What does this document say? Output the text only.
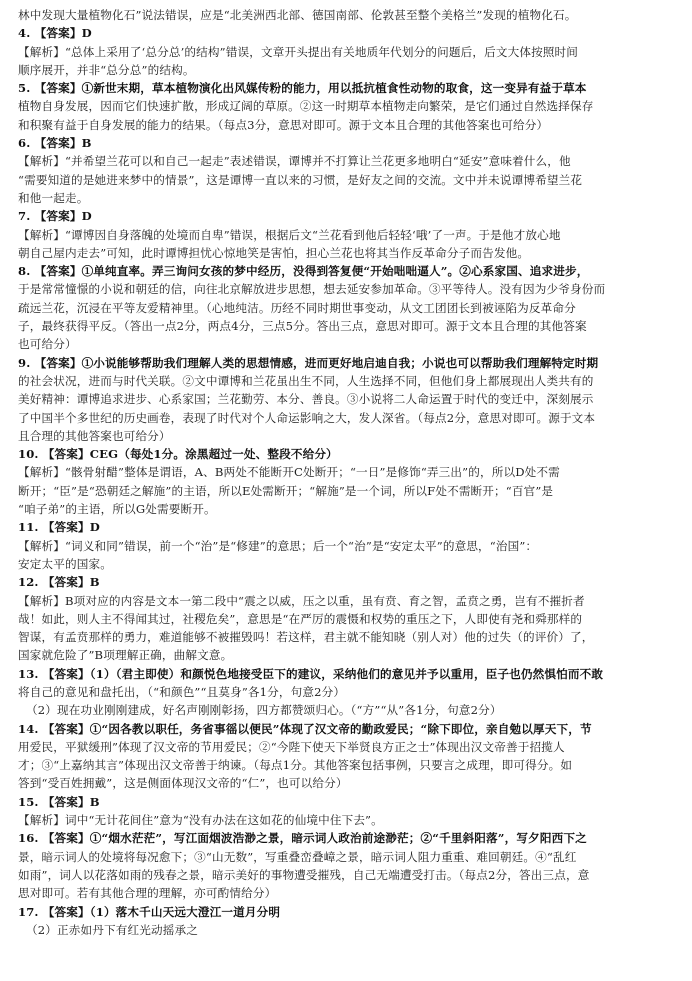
林中发现大量植物化石”说法错误，应是“北美洲西北部、德国南部、伦敦甚至整个美格兰”发现的植物化石。
4. 【答案】D
【解析】“总体上采用了‘总分总’的结构”错误，文章开头提出有关地质年代划分的问题后，后文大体按照时间
顺序展开，并非“总分总”的结构。
5. 【答案】①新世末期，草本植物演化出风媒传粉的能力，用以抵抗植食性动物的取食，这一变异有益于草本
植物自身发展，因而它们快速扩散，形成辽阔的草原。②这一时期草本植物走向繁荣，是它们通过自然选择保存
和积聚有益于自身发展的能力的结果。（每点3分，意思对即可。源于文本且合理的其他答案也可给分）
6. 【答案】B
【解析】“并希望兰花可以和自己一起走”表述错误，谭博并不打算让兰花更多地明白“延安”意味着什么，他
“需要知道的是她进来梦中的情景”，这是谭博一直以来的习惯，是好友之间的交流。文中并未说谭博希望兰花
和他一起走。
7. 【答案】D
【解析】“谭博因自身落魄的处境而自卑”错误，根据后文“兰花看到他后轻轻‘哦’了一声。于是他才放心地
朝自己屋内走去”可知，此时谭博担忧心惊地笑是害怕，担心兰花也将其当作反革命分子而告发他。
8. 【答案】①单纯直率。弄三询问女孩的梦中经历，没得到答复便“开始咄咄逼人”。②心系家国、追求进步，
于是常常憧憬的小说和朝廷的信，向往北京解放进步思想，想去延安参加革命。③平等待人。没有因为少爷身份而
疏远兰花，沉浸在平等友爱精神里。（心地纯洁。历经不同时期世事变动，从文工团团长到被诬陷为反革命分
子，最终获得平反。（答出一点2分，两点4分，三点5分。答出三点，意思对即可。源于文本且合理的其他答案
也可给分）
9. 【答案】①小说能够帮助我们理解人类的思想情感，进而更好地启迪自我；小说也可以帮助我们理解特定时期
的社会状况，进而与时代关联。②文中谭博和兰花虽出生不同，人生选择不同，但他们身上都展现出人类共有的
美好精神：谭博追求进步、心系家国；兰花勤劳、本分、善良。③小说将二人命运置于时代的变迁中，深刻展示
了中国半个多世纪的历史画卷，表现了时代对个人命运影响之大，发人深省。（每点2分，意思对即可。源于文本
且合理的其他答案也可给分）
10. 【答案】CEG（每处1分。涂黑超过一处、整段不给分）
【解析】“骸骨射醋”整体是谓语，A、B两处不能断开C处断开；“一日”是修饰“弄三出”的，所以D处不需
断开；“臣”是“恐朝廷之解施”的主语，所以E处需断开；“解施”是一个词，所以F处不需断开；“百官”是
“咱子弟”的主语，所以G处需要断开。
11. 【答案】D
【解析】“词义和同”错误，前一个“治”是“修建”的意思；后一个“治”是“安定太平”的意思，“治国”：
安定太平的国家。
12. 【答案】B
【解析】B项对应的内容是文本一第二段中“震之以威，压之以重，虽有贲、育之智，孟贲之勇，岂有不摧折者
哉！如此，则人主不得闻其过，社稷危矣”，意思是“在严厉的震慑和权势的重压之下，人即使有尧和舜那样的
智谋，有孟贲那样的勇力，难道能够不被摧毁吗！若这样，君主就不能知晓（别人对）他的过失（的评价）了，
国家就危险了”B项理解正确，曲解文意。
13. 【答案】（1）（君主即使）和颜悦色地接受臣下的建议，采纳他们的意见并予以重用，臣子也仍然惧怕而不敢
将自己的意见和盘托出，（“和颜色”“且莫身”各1分，句意2分）
（2）现在功业刚刚建成，好名声刚刚彰扬，四方都赞颂归心。（“方”“从”各1分，句意2分）
14. 【答案】①“因各教以职任，务省事徭以便民”体现了汉文帝的勤政爱民；“除下即位，亲自勉以厚天下，节
用爱民，平狱缓刑”体现了汉文帝的节用爱民；②“今陛下使天下举贤良方正之士”体现出汉文帝善于招揽人
才；③“上嘉纳其言”体现出汉文帝善于纳谏。（每点1分。其他答案包括事例，只要言之成理，即可得分。如
答到“受百姓拥戴”，这是侧面体现汉文帝的“仁”，也可以给分）
15. 【答案】B
【解析】词中“无计花间住”意为“没有办法在这如花的仙境中住下去”。
16. 【答案】①“烟水茫茫”，写江面烟波浩渺之景，暗示词人政治前途渺茫；②“千里斜阳落”，写夕阳西下之
景，暗示词人的处境将每况愈下；③“山无数”，写重叠峦叠嶂之景，暗示词人阻力重重、难回朝廷。④“乱红
如雨”，词人以花落如雨的残春之景，暗示美好的事物遭受摧残，自己无端遭受打击。（每点2分，答出三点，意
思对即可。若有其他合理的理解，亦可酌情给分）
17. 【答案】（1）落木千山天远大澄江一道月分明
（2）正赤如丹下有红光动摇承之
